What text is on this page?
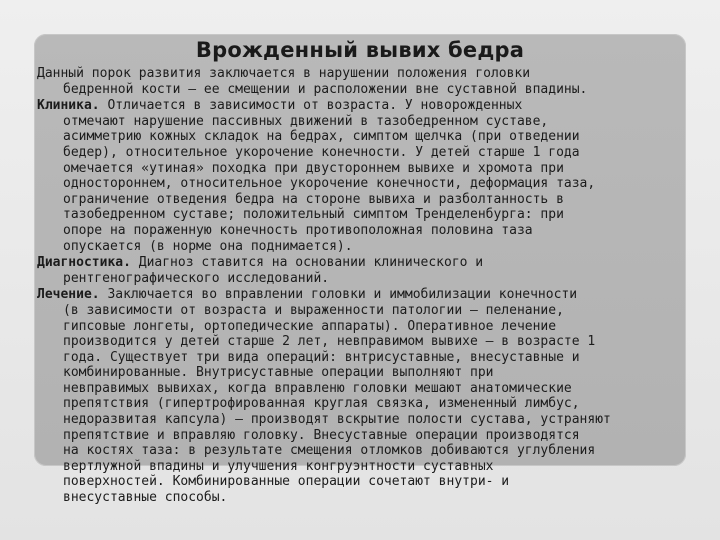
Врожденный вывих бедра
Данный порок развития заключается в нарушении положения головки
бедренной кости – ее смещении и расположении вне суставной впадины.
Клиника. Отличается в зависимости от возраста. У новорожденных
отмечают нарушение пассивных движений в тазобедренном суставе,
асимметрию кожных складок на бедрах, симптом щелчка (при отведении
бедер), относительное укорочение конечности. У детей старше 1 года
омечается «утиная» походка при двустороннем вывихе и хромота при
одностороннем, относительное укорочение конечности, деформация таза,
ограничение отведения бедра на стороне вывиха и разболтанность в
тазобедренном суставе; положительный симптом Тренделенбурга: при
опоре на пораженную конечность противоположная половина таза
опускается (в норме она поднимается).
Диагностика. Диагноз ставится на основании клинического и
рентгенографического исследований.
Лечение. Заключается во вправлении головки и иммобилизации конечности
(в зависимости от возраста и выраженности патологии – пеленание,
гипсовые лонгеты, ортопедические аппараты). Оперативное лечение
производится у детей старше 2 лет, невправимом вывихе – в возрасте 1
года. Существует три вида операций: внтрисуставные, внесуставные и
комбинированные. Внутрисуставные операции выполняют при
невправимых вывихах, когда вправленю головки мешают анатомические
препятствия (гипертрофированная круглая связка, измененный лимбус,
недоразвитая капсула) – производят вскрытие полости сустава, устраняют
препятствие и вправляю головку. Внесуставные операции производятся
на костях таза: в результате смещения отломков добиваются углубления
вертлужной впадины и улучшения конгруэнтности суставных
поверхностей. Комбинированные операции сочетают внутри- и
внесуставные способы.
